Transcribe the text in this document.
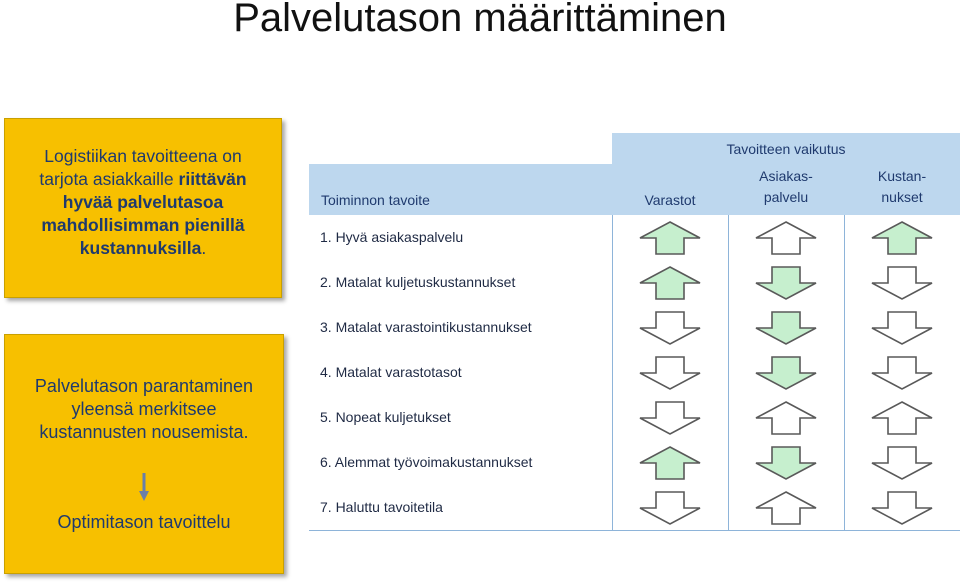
Palvelutason määrittäminen
Logistiikan tavoitteena on
tarjota asiakkaille riittävän
hyvää palvelutasoa
mahdollisimman pienillä
kustannuksilla.
Palvelutason parantaminen
yleensä merkitsee
kustannusten nousemista.
Optimitason tavoittelu
Tavoitteen vaikutus
Toiminnon tavoite	Varastot
Asiakas-
palvelu
Kustan-
nukset
1. Hyvä asiakaspalvelu
2. Matalat kuljetuskustannukset
3. Matalat varastointikustannukset
4. Matalat varastotasot
5. Nopeat kuljetukset
6. Alemmat työvoimakustannukset
7. Haluttu tavoitetila
